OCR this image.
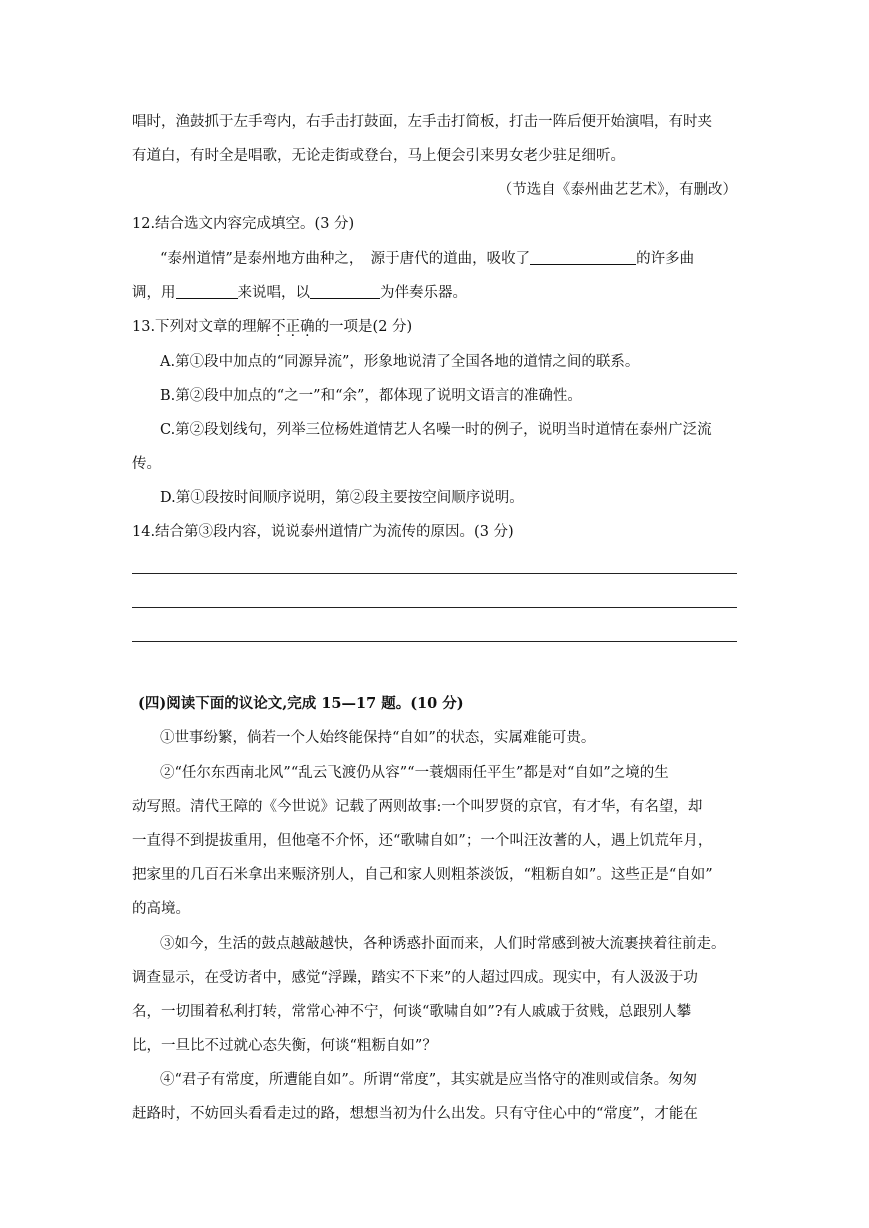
唱时，渔鼓抓于左手弯内，右手击打鼓面，左手击打简板，打击一阵后便开始演唱，有时夹
有道白，有时全是唱歌，无论走街或登台，马上便会引来男女老少驻足细听。
（节选自《泰州曲艺艺术》，有删改）
12.结合选文内容完成填空。(3 分)
“泰州道情”是泰州地方曲种之，　源于唐代的道曲，吸收了	的许多曲
调，用	来说唱，以	为伴奏乐器。
13.下列对文章的理解不正确的一项是(2 分)
A.第①段中加点的“同源异流”，形象地说清了全国各地的道情之间的联系。
B.第②段中加点的“之一”和“余”，都体现了说明文语言的准确性。
C.第②段划线句，列举三位杨姓道情艺人名噪一时的例子，说明当时道情在泰州广泛流
传。
D.第①段按时间顺序说明，第②段主要按空间顺序说明。
14.结合第③段内容，说说泰州道情广为流传的原因。(3 分)
(四)阅读下面的议论文,完成 15—17 题。(10 分)
①世事纷繁，倘若一个人始终能保持“自如”的状态，实属难能可贵。
②“任尔东西南北风”“乱云飞渡仍从容”“一蓑烟雨任平生”都是对“自如”之境的生
动写照。清代王障的《今世说》记载了两则故事:一个叫罗贤的京官，有才华，有名望，却
一直得不到提拔重用，但他毫不介怀，还“歌啸自如”；一个叫汪汝蓍的人，遇上饥荒年月，
把家里的几百石米拿出来赈济别人，自己和家人则粗茶淡饭，“粗粝自如”。这些正是“自如”
的高境。
③如今，生活的鼓点越敲越快，各种诱惑扑面而来，人们时常感到被大流裹挟着往前走。
调查显示，在受访者中，感觉“浮躁，踏实不下来”的人超过四成。现实中，有人汲汲于功
名，一切围着私利打转，常常心神不宁，何谈“歌啸自如”?有人戚戚于贫贱，总跟别人攀
比，一旦比不过就心态失衡，何谈“粗粝自如”？
④“君子有常度，所遭能自如”。所谓“常度”，其实就是应当恪守的准则或信条。匆匆
赶路时，不妨回头看看走过的路，想想当初为什么出发。只有守住心中的“常度”，才能在
